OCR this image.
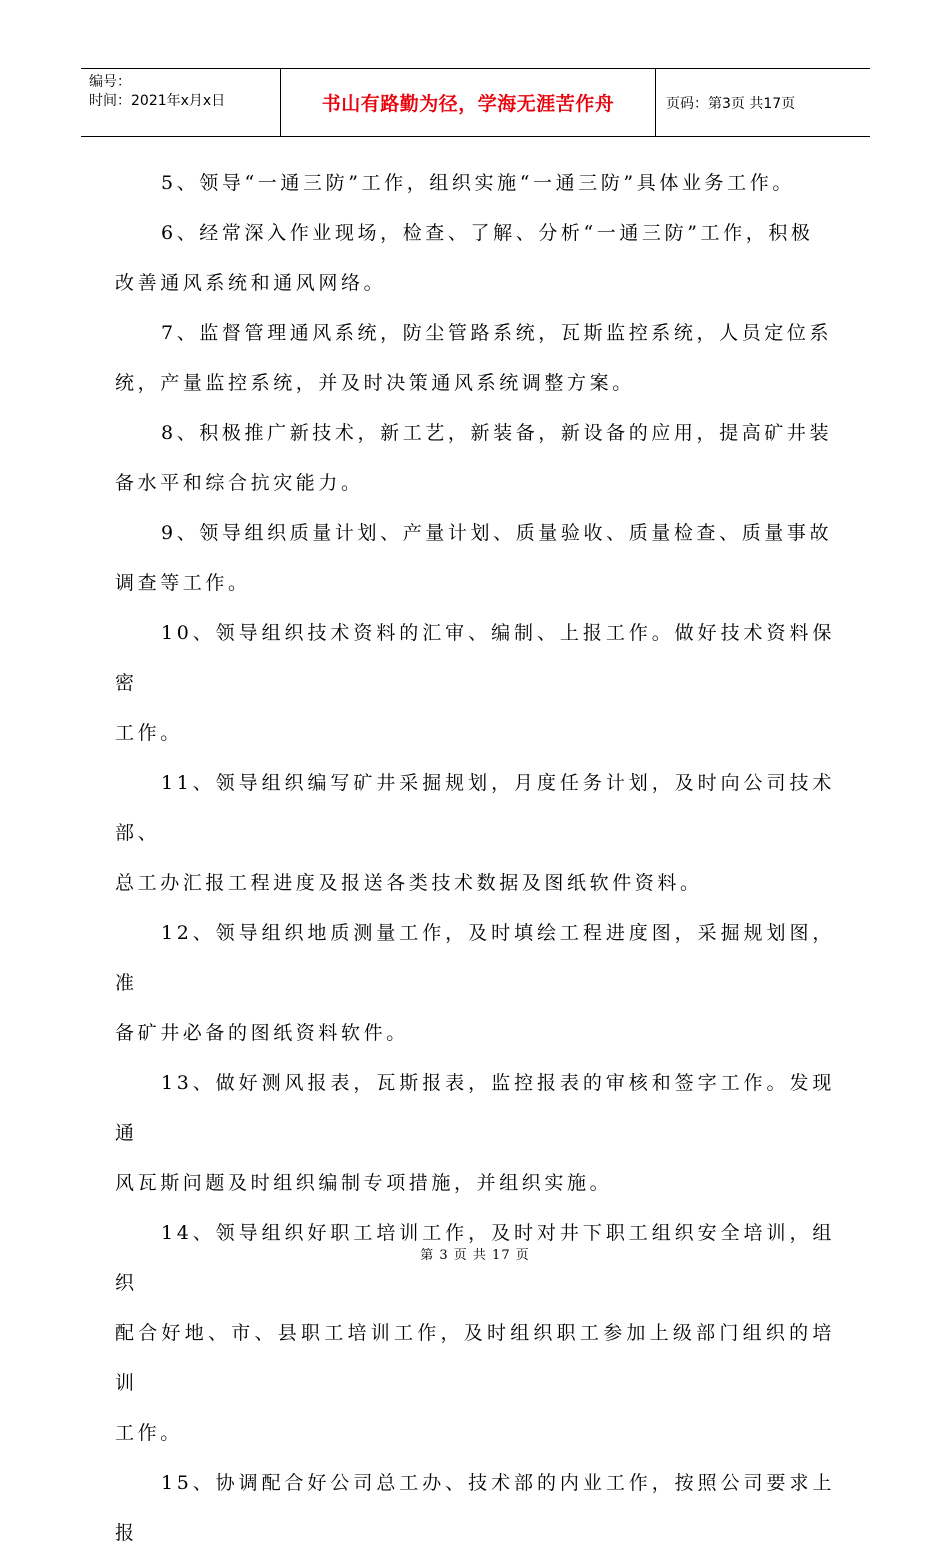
编号：
时间：2021年x月x日	书山有路勤为径，学海无涯苦作舟	页码：第3页 共17页

5、领导“一通三防”工作，组织实施“一通三防”具体业务工作。

6、经常深入作业现场，检查、了解、分析“一通三防”工作，积极
改善通风系统和通风网络。

7、监督管理通风系统，防尘管路系统，瓦斯监控系统，人员定位系
统，产量监控系统，并及时决策通风系统调整方案。

8、积极推广新技术，新工艺，新装备，新设备的应用，提高矿井装
备水平和综合抗灾能力。

9、领导组织质量计划、产量计划、质量验收、质量检查、质量事故
调查等工作。

10、领导组织技术资料的汇审、编制、上报工作。做好技术资料保密
工作。

11、领导组织编写矿井采掘规划，月度任务计划，及时向公司技术部、
总工办汇报工程进度及报送各类技术数据及图纸软件资料。

12、领导组织地质测量工作，及时填绘工程进度图，采掘规划图，准
备矿井必备的图纸资料软件。

13、做好测风报表，瓦斯报表，监控报表的审核和签字工作。发现通
风瓦斯问题及时组织编制专项措施，并组织实施。

14、领导组织好职工培训工作，及时对井下职工组织安全培训，组织
配合好地、市、县职工培训工作，及时组织职工参加上级部门组织的培训
工作。

15、协调配合好公司总工办、技术部的内业工作，按照公司要求上报

第 3 页 共 17 页
